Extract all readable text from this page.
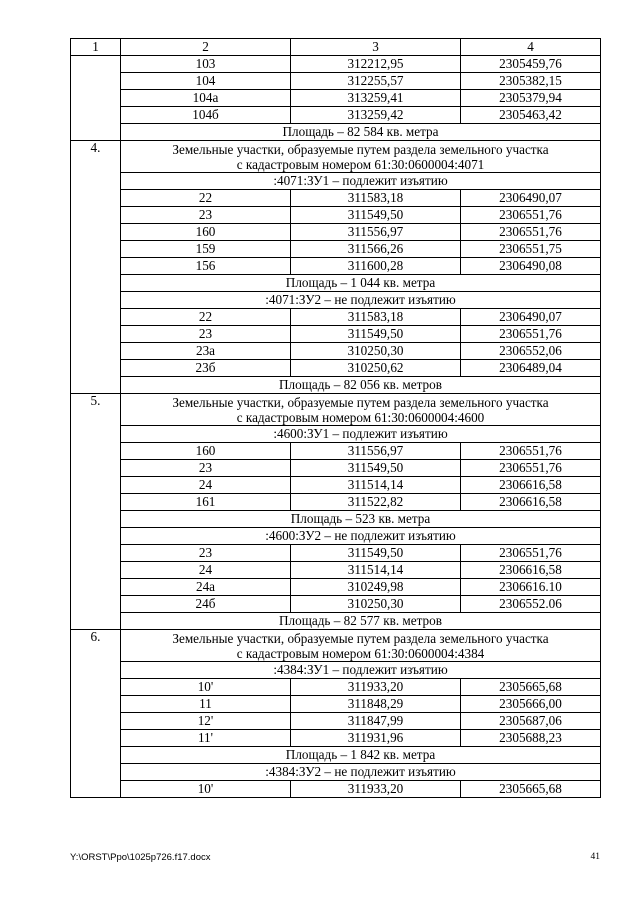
1	2	3	4
	103	312212,95	2305459,76
	104	312255,57	2305382,15
	104а	313259,41	2305379,94
	104б	313259,42	2305463,42
	Площадь – 82 584 кв. метра		
4.	Земельные участки, образуемые путем раздела земельного участка
с кадастровым номером 61:30:0600004:4071		

	:4071:ЗУ1 – подлежит изъятию		
	22	311583,18	2306490,07
	23	311549,50	2306551,76
	160	311556,97	2306551,76
	159	311566,26	2306551,75
	156	311600,28	2306490,08
	Площадь – 1 044 кв. метра		
	:4071:ЗУ2 – не подлежит изъятию		
	22	311583,18	2306490,07
	23	311549,50	2306551,76
	23а	310250,30	2306552,06
	23б	310250,62	2306489,04
	Площадь – 82 056 кв. метров		
5.	Земельные участки, образуемые путем раздела земельного участка
с кадастровым номером 61:30:0600004:4600		

	:4600:ЗУ1 – подлежит изъятию		
	160	311556,97	2306551,76
	23	311549,50	2306551,76
	24	311514,14	2306616,58
	161	311522,82	2306616,58
	Площадь – 523 кв. метра		
	:4600:ЗУ2 – не подлежит изъятию		
	23	311549,50	2306551,76
	24	311514,14	2306616,58
	24а	310249,98	2306616.10
	24б	310250,30	2306552.06
	Площадь – 82 577 кв. метров		
6.	Земельные участки, образуемые путем раздела земельного участка
с кадастровым номером 61:30:0600004:4384		

	:4384:ЗУ1 – подлежит изъятию		
	10'	311933,20	2305665,68
	11	311848,29	2305666,00
	12'	311847,99	2305687,06
	11'	311931,96	2305688,23
	Площадь – 1 842 кв. метра		
	:4384:ЗУ2 – не подлежит изъятию		
	10'	311933,20	2305665,68
Y:\ORST\Ppo\1025p726.f17.docx	41
